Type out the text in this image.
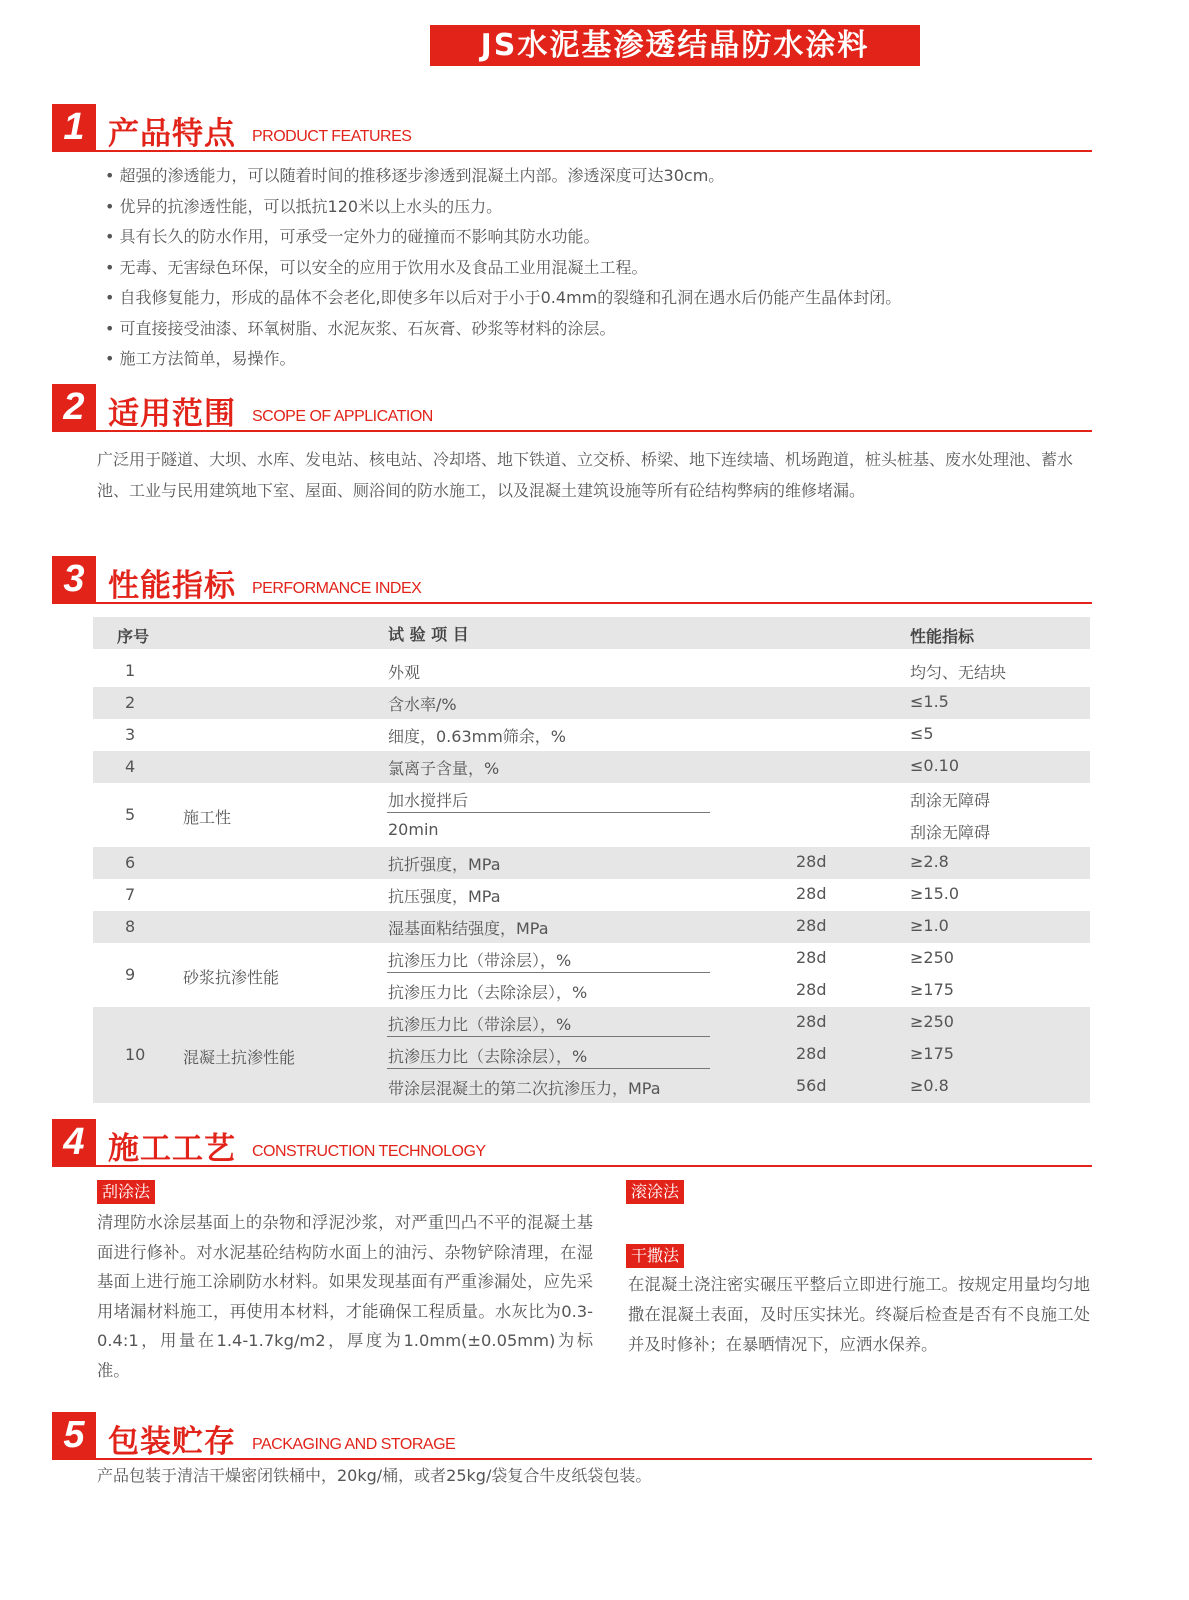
JS水泥基渗透结晶防水涂料
1 产品特点 PRODUCT FEATURES
• 超强的渗透能力，可以随着时间的推移逐步渗透到混凝土内部。渗透深度可达30cm。
• 优异的抗渗透性能，可以抵抗120米以上水头的压力。
• 具有长久的防水作用，可承受一定外力的碰撞而不影响其防水功能。
• 无毒、无害绿色环保，可以安全的应用于饮用水及食品工业用混凝土工程。
• 自我修复能力，形成的晶体不会老化,即使多年以后对于小于0.4mm的裂缝和孔洞在遇水后仍能产生晶体封闭。
• 可直接接受油漆、环氧树脂、水泥灰浆、石灰膏、砂浆等材料的涂层。
• 施工方法简单，易操作。
2 适用范围 SCOPE OF APPLICATION
广泛用于隧道、大坝、水库、发电站、核电站、冷却塔、地下铁道、立交桥、桥梁、地下连续墙、机场跑道，桩头桩基、废水处理池、蓄水池、工业与民用建筑地下室、屋面、厕浴间的防水施工，以及混凝土建筑设施等所有砼结构弊病的维修堵漏。
3 性能指标 PERFORMANCE INDEX
序号	试 验 项 目	性能指标
1	外观	均匀、无结块
2	含水率/%	≤1.5
3	细度，0.63mm筛余，%	≤5
4	氯离子含量，%	≤0.10
5	施工性
加水搅拌后	刮涂无障碍
20min	刮涂无障碍
6	抗折强度，MPa	28d	≥2.8
7	抗压强度，MPa	28d	≥15.0
8	湿基面粘结强度，MPa	28d	≥1.0
9	砂浆抗渗性能
抗渗压力比（带涂层），%	28d	≥250
抗渗压力比（去除涂层），%	28d	≥175
10 混凝土抗渗性能
抗渗压力比（带涂层），%	28d	≥250
抗渗压力比（去除涂层），%	28d	≥175
带涂层混凝土的第二次抗渗压力，MPa	56d	≥0.8
4 施工工艺 CONSTRUCTION TECHNOLOGY
刮涂法
清理防水涂层基面上的杂物和浮泥沙浆，对严重凹凸不平的混凝土基面进行修补。对水泥基砼结构防水面上的油污、杂物铲除清理，在湿基面上进行施工涂刷防水材料。如果发现基面有严重渗漏处，应先采用堵漏材料施工，再使用本材料，才能确保工程质量。水灰比为0.3-0.4:1，用量在1.4-1.7kg/m2，厚度为1.0mm(±0.05mm)为标准。
滚涂法
干撒法
在混凝土浇注密实碾压平整后立即进行施工。按规定用量均匀地撒在混凝土表面，及时压实抹光。终凝后检查是否有不良施工处并及时修补；在暴晒情况下，应洒水保养。
5 包装贮存 PACKAGING AND STORAGE
产品包装于清洁干燥密闭铁桶中，20kg/桶，或者25kg/袋复合牛皮纸袋包装。
